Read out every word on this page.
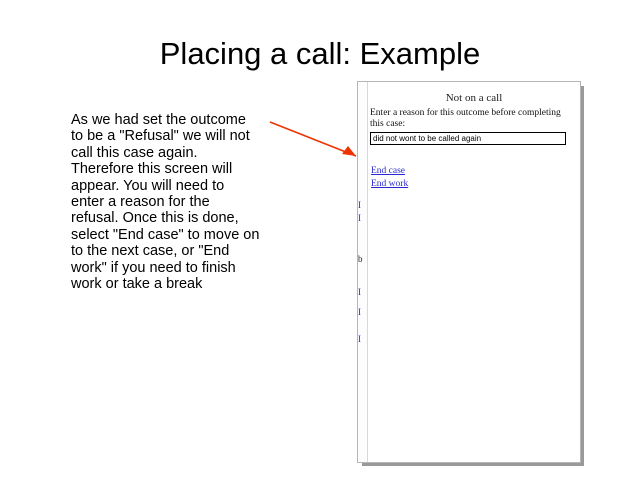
Placing a call: Example
As we had set the outcome to be a "Refusal" we will not call this case again. Therefore this screen will appear. You will need to enter a reason for the refusal. Once this is done, select "End case" to move on to the next case, or "End work" if you need to finish work or take a break
I
I
b
I
I
I
Not on a call
Enter a reason for this outcome before completing this case:
did not wont to be called again
End case
End work
